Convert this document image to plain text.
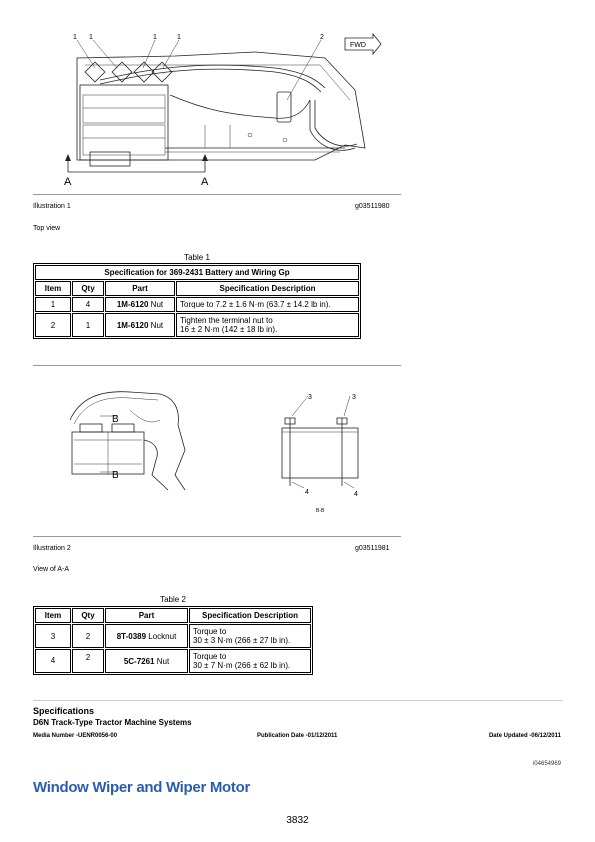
1 1	1	1	2
FWD
A	A
Illustration 1	g03511980
Top view
Table 1
Specification for 369-2431 Battery and Wiring Gp			
Item	Qty	Part	Specification Description
1	4	1M-6120 Nut	Torque to 7.2 ± 1.6 N·m (63.7 ± 14.2 lb in).
2	1	1M-6120 Nut	Tighten the terminal nut to
16 ± 2 N·m (142 ± 18 lb in).
B
B
3	3
4	4
B-B
Illustration 2	g03511981
View of A-A
Table 2
Item	Qty	Part	Specification Description
3	2	8T-0389 Locknut	Torque to
30 ± 3 N·m (266 ± 27 lb in).
4	2	5C-7261 Nut	Torque to
30 ± 7 N·m (266 ± 62 lb in).
Specifications
D6N Track-Type Tractor Machine Systems
Media Number -UENR0056-00	Publication Date -01/12/2011	Date Updated -06/12/2011
i04654969
Window Wiper and Wiper Motor
3832
